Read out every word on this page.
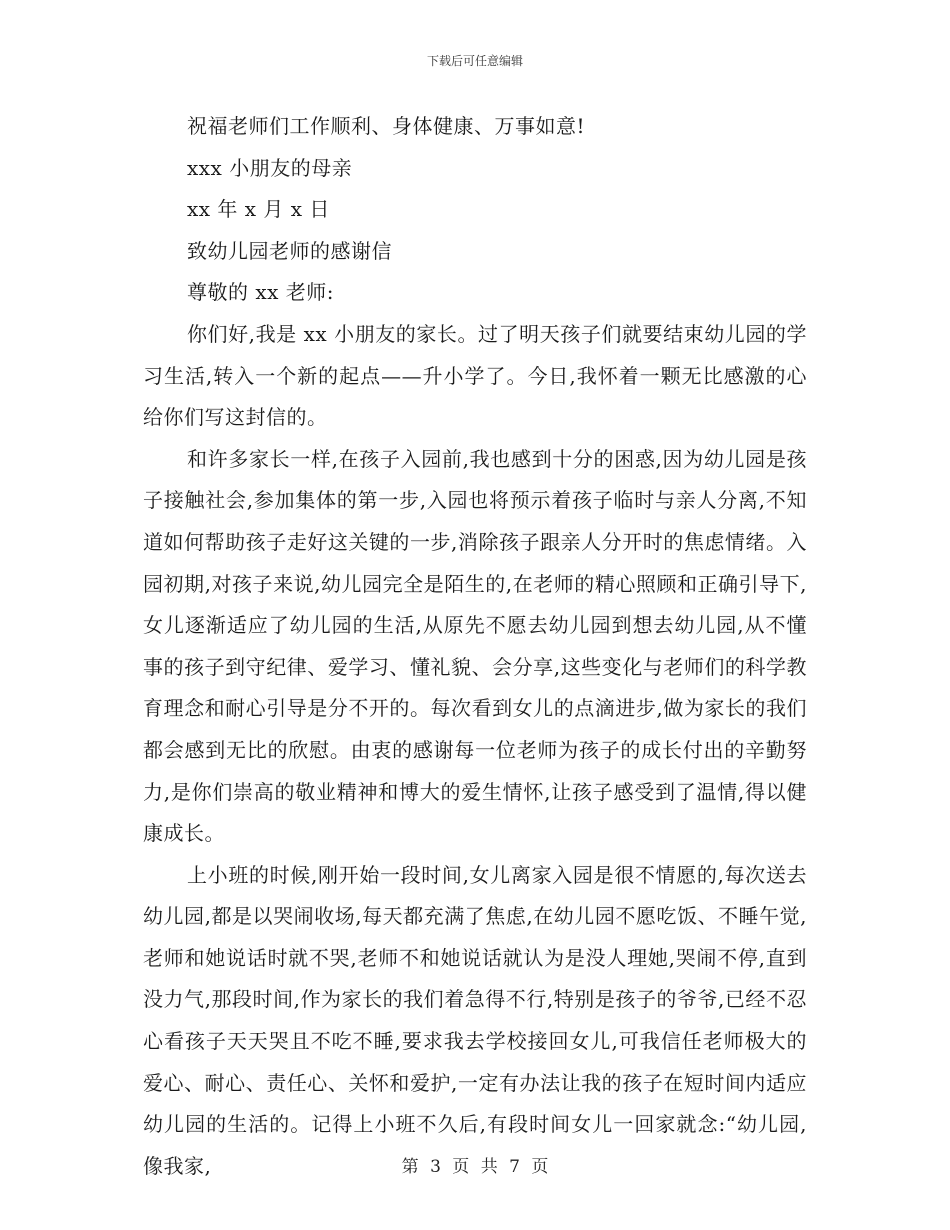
下载后可任意编辑
祝福老师们工作顺利、身体健康、万事如意!
xxx 小朋友的母亲
xx 年 x 月 x 日
致幼儿园老师的感谢信
尊敬的 xx 老师:

你们好,我是 xx 小朋友的家长。过了明天孩子们就要结束幼儿园的学习生活,转入一个新的起点——升小学了。今日,我怀着一颗无比感激的心给你们写这封信的。

和许多家长一样,在孩子入园前,我也感到十分的困惑,因为幼儿园是孩子接触社会,参加集体的第一步,入园也将预示着孩子临时与亲人分离,不知道如何帮助孩子走好这关键的一步,消除孩子跟亲人分开时的焦虑情绪。入园初期,对孩子来说,幼儿园完全是陌生的,在老师的精心照顾和正确引导下,女儿逐渐适应了幼儿园的生活,从原先不愿去幼儿园到想去幼儿园,从不懂事的孩子到守纪律、爱学习、懂礼貌、会分享,这些变化与老师们的科学教育理念和耐心引导是分不开的。每次看到女儿的点滴进步,做为家长的我们都会感到无比的欣慰。由衷的感谢每一位老师为孩子的成长付出的辛勤努力,是你们崇高的敬业精神和博大的爱生情怀,让孩子感受到了温情,得以健康成长。

上小班的时候,刚开始一段时间,女儿离家入园是很不情愿的,每次送去幼儿园,都是以哭闹收场,每天都充满了焦虑,在幼儿园不愿吃饭、不睡午觉,老师和她说话时就不哭,老师不和她说话就认为是没人理她,哭闹不停,直到没力气,那段时间,作为家长的我们着急得不行,特别是孩子的爷爷,已经不忍心看孩子天天哭且不吃不睡,要求我去学校接回女儿,可我信任老师极大的爱心、耐心、责任心、关怀和爱护,一定有办法让我的孩子在短时间内适应幼儿园的生活的。记得上小班不久后,有段时间女儿一回家就念:“幼儿园,像我家,	第 3 页 共 7 页
